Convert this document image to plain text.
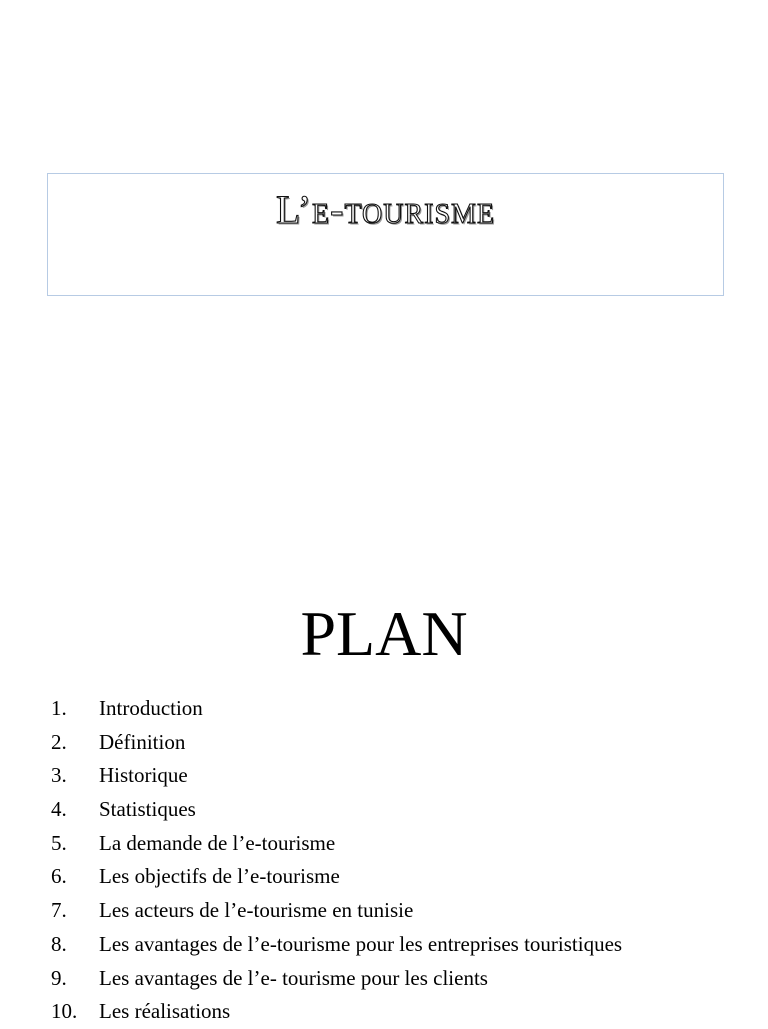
L’e-tourisme
PLAN
1. Introduction
2. Définition
3. Historique
4. Statistiques
5. La demande de l’e-tourisme
6. Les objectifs de l’e-tourisme
7. Les acteurs de l’e-tourisme en tunisie
8. Les avantages de l’e-tourisme pour les entreprises touristiques
9. Les avantages de l’e- tourisme pour les clients
10. Les réalisations
